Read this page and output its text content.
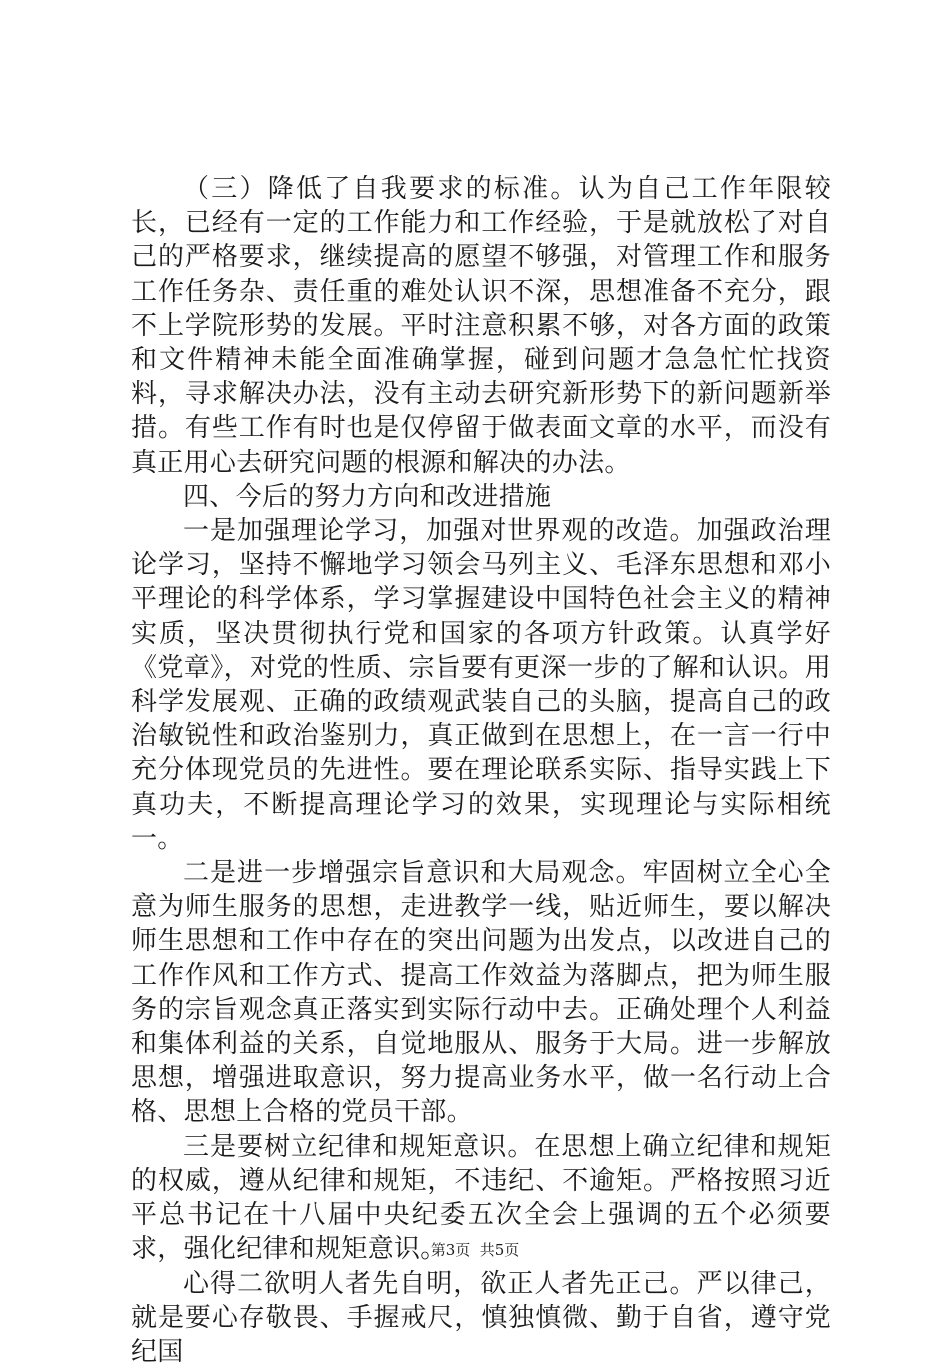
（三）降低了自我要求的标准。认为自己工作年限较长，已经有一定的工作能力和工作经验，于是就放松了对自己的严格要求，继续提高的愿望不够强，对管理工作和服务工作任务杂、责任重的难处认识不深，思想准备不充分，跟不上学院形势的发展。平时注意积累不够，对各方面的政策和文件精神未能全面准确掌握，碰到问题才急急忙忙找资料，寻求解决办法，没有主动去研究新形势下的新问题新举措。有些工作有时也是仅停留于做表面文章的水平，而没有真正用心去研究问题的根源和解决的办法。

四、今后的努力方向和改进措施

一是加强理论学习，加强对世界观的改造。加强政治理论学习，坚持不懈地学习领会马列主义、毛泽东思想和邓小平理论的科学体系，学习掌握建设中国特色社会主义的精神实质，坚决贯彻执行党和国家的各项方针政策。认真学好《党章》，对党的性质、宗旨要有更深一步的了解和认识。用科学发展观、正确的政绩观武装自己的头脑，提高自己的政治敏锐性和政治鉴别力，真正做到在思想上，在一言一行中充分体现党员的先进性。要在理论联系实际、指导实践上下真功夫，不断提高理论学习的效果，实现理论与实际相统一。

二是进一步增强宗旨意识和大局观念。牢固树立全心全意为师生服务的思想，走进教学一线，贴近师生，要以解决师生思想和工作中存在的突出问题为出发点，以改进自己的工作作风和工作方式、提高工作效益为落脚点，把为师生服务的宗旨观念真正落实到实际行动中去。正确处理个人利益和集体利益的关系，自觉地服从、服务于大局。进一步解放思想，增强进取意识，努力提高业务水平，做一名行动上合格、思想上合格的党员干部。

三是要树立纪律和规矩意识。在思想上确立纪律和规矩的权威，遵从纪律和规矩，不违纪、不逾矩。严格按照习近平总书记在十八届中央纪委五次全会上强调的五个必须要求，强化纪律和规矩意识。

心得二欲明人者先自明，欲正人者先正己。严以律己，就是要心存敬畏、手握戒尺，慎独慎微、勤于自省，遵守党纪国

第3页  共5页
